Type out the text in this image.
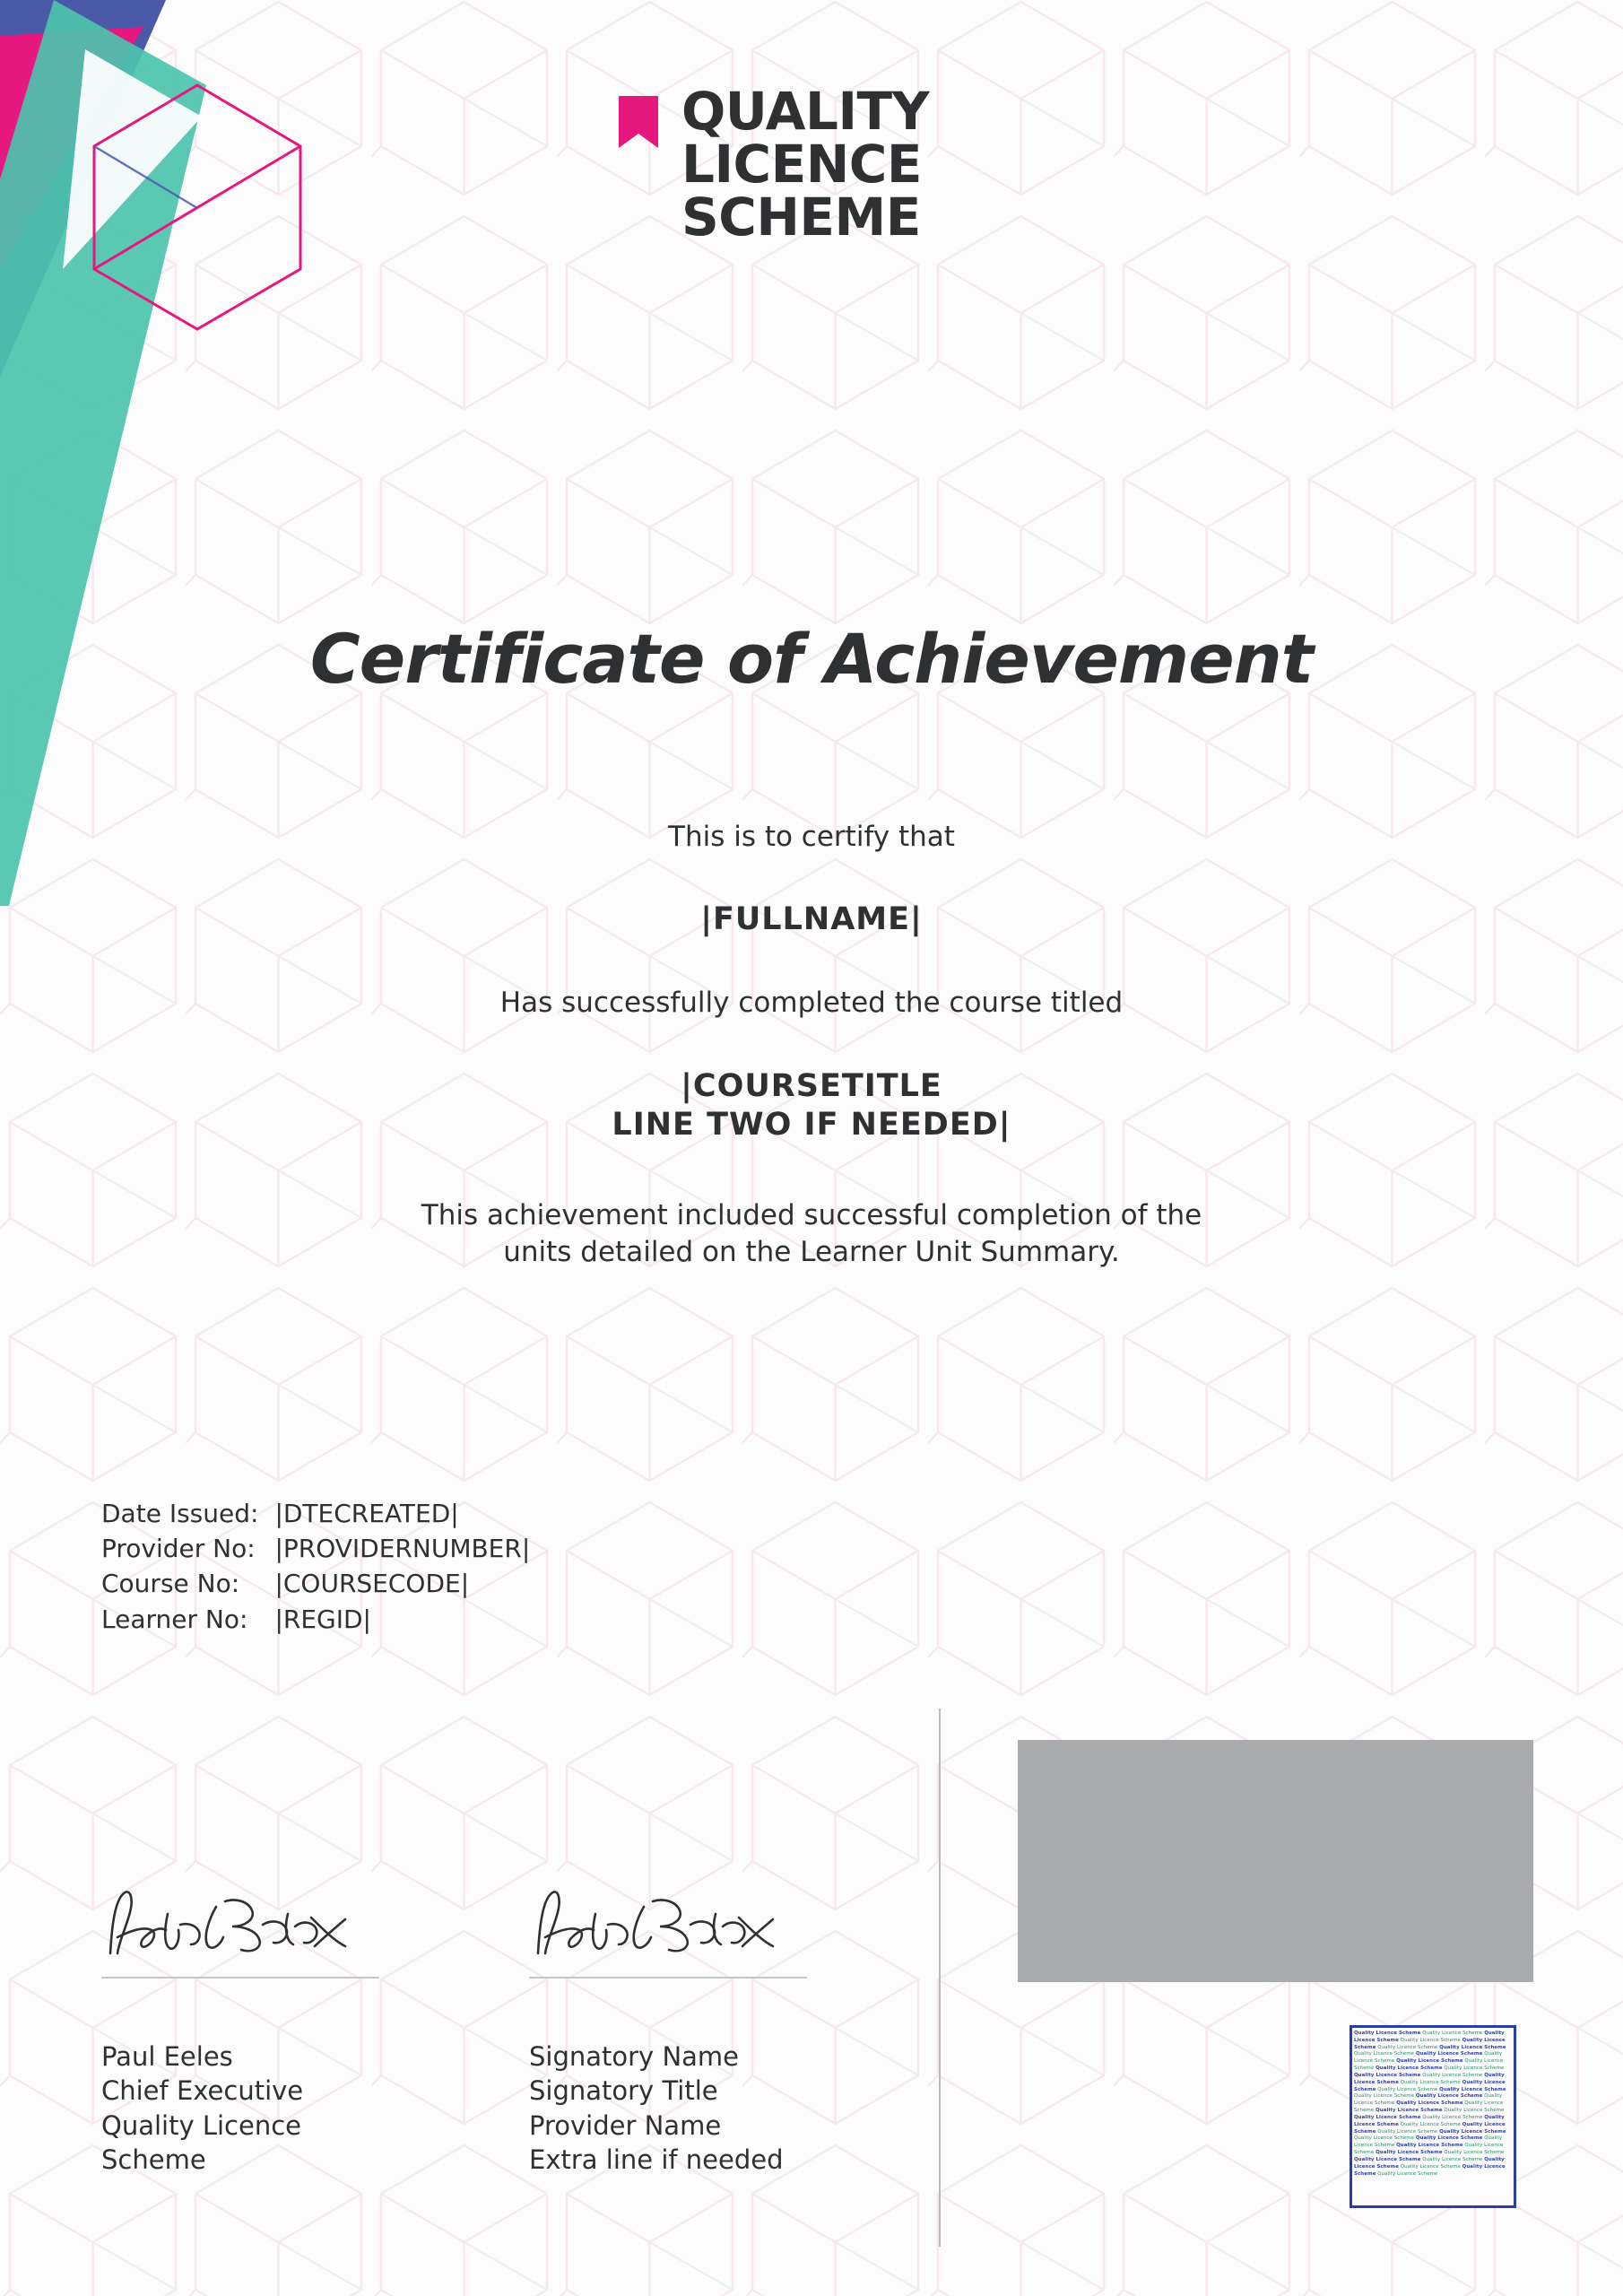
QUALITY
LICENCE
SCHEME
Certificate of Achievement
This is to certify that
|FULLNAME|
Has successfully completed the course titled
|COURSETITLE
LINE TWO IF NEEDED|
This achievement included successful completion of the
units detailed on the Learner Unit Summary.
Date Issued:	|DTECREATED|
Provider No:	|PROVIDERNUMBER|
Course No:	|COURSECODE|
Learner No:	|REGID|
Paul Eeles
Chief Executive
Quality Licence
Scheme
Signatory Name
Signatory Title
Provider Name
Extra line if needed
Quality Licence Scheme Quality Licence Scheme Quality Licence Scheme Quality Licence Scheme Quality Licence Scheme Quality Licence Scheme Quality Licence Scheme Quality Licence Scheme Quality Licence Scheme Quality Licence Scheme Quality Licence Scheme Quality Licence Scheme Quality Licence Scheme Quality Licence Scheme Quality Licence Scheme Quality Licence Scheme Quality Licence Scheme Quality Licence Scheme Quality Licence Scheme Quality Licence Scheme Quality Licence Scheme Quality Licence Scheme Quality Licence Scheme Quality Licence Scheme Quality Licence Scheme Quality Licence Scheme Quality Licence Scheme Quality Licence Scheme Quality Licence Scheme Quality Licence Scheme Quality Licence Scheme Quality Licence Scheme Quality Licence Scheme Quality Licence Scheme Quality Licence Scheme Quality Licence Scheme Quality Licence Scheme Quality Licence Scheme Quality Licence Scheme Quality Licence Scheme Quality Licence Scheme Quality Licence Scheme Quality Licence Scheme Quality Licence Scheme Quality Licence Scheme Quality Licence Scheme Quality Licence Scheme Quality Licence Scheme
